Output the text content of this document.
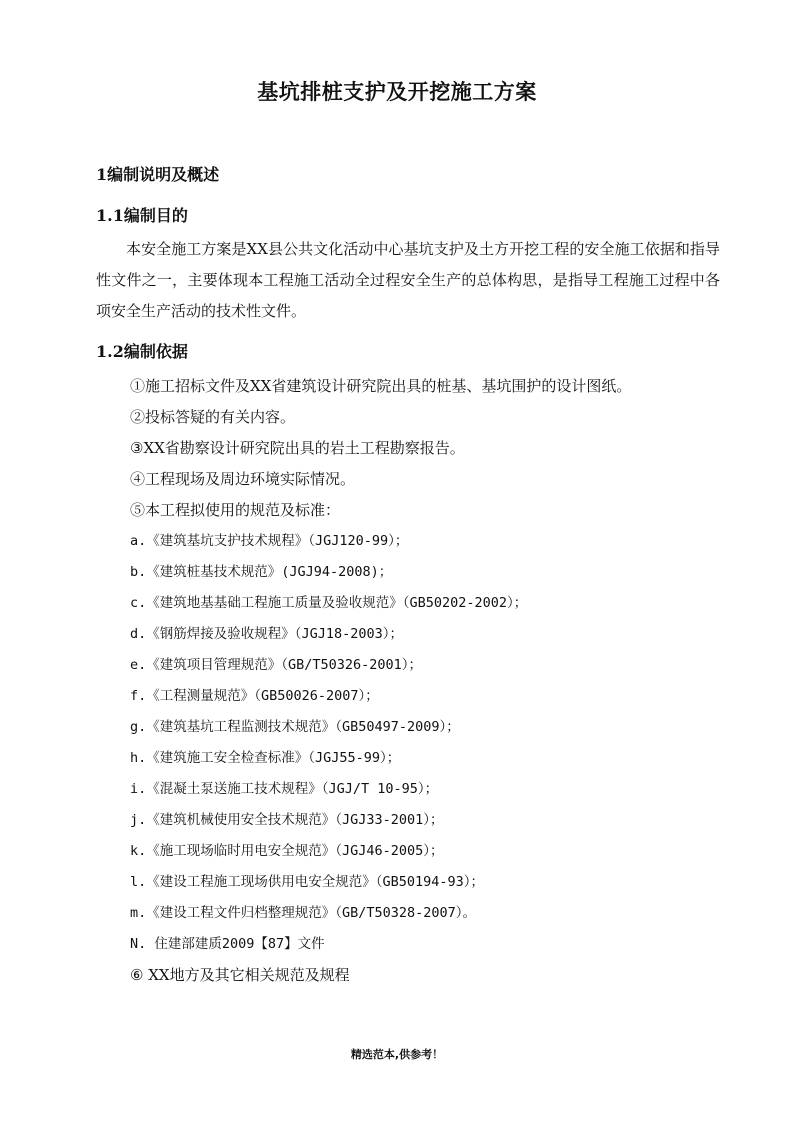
基坑排桩支护及开挖施工方案
1编制说明及概述
1.1编制目的
本安全施工方案是XX县公共文化活动中心基坑支护及土方开挖工程的安全施工依据和指导性文件之一，主要体现本工程施工活动全过程安全生产的总体构思，是指导工程施工过程中各项安全生产活动的技术性文件。
1.2编制依据
①施工招标文件及XX省建筑设计研究院出具的桩基、基坑围护的设计图纸。
②投标答疑的有关内容。
③XX省勘察设计研究院出具的岩土工程勘察报告。
④工程现场及周边环境实际情况。
⑤本工程拟使用的规范及标准：
a.《建筑基坑支护技术规程》（JGJ120-99）；
b.《建筑桩基技术规范》(JGJ94-2008)；
c.《建筑地基基础工程施工质量及验收规范》（GB50202-2002）；
d.《钢筋焊接及验收规程》（JGJ18-2003）；
e.《建筑项目管理规范》（GB/T50326-2001）；
f.《工程测量规范》（GB50026-2007）；
g.《建筑基坑工程监测技术规范》（GB50497-2009）；
h.《建筑施工安全检查标准》（JGJ55-99）；
i.《混凝土泵送施工技术规程》（JGJ/T 10-95）；
j.《建筑机械使用安全技术规范》（JGJ33-2001）；
k.《施工现场临时用电安全规范》（JGJ46-2005）；
l.《建设工程施工现场供用电安全规范》（GB50194-93）；
m.《建设工程文件归档整理规范》（GB/T50328-2007）。
N. 住建部建质2009【87】文件
⑥ XX地方及其它相关规范及规程
精选范本,供参考！
